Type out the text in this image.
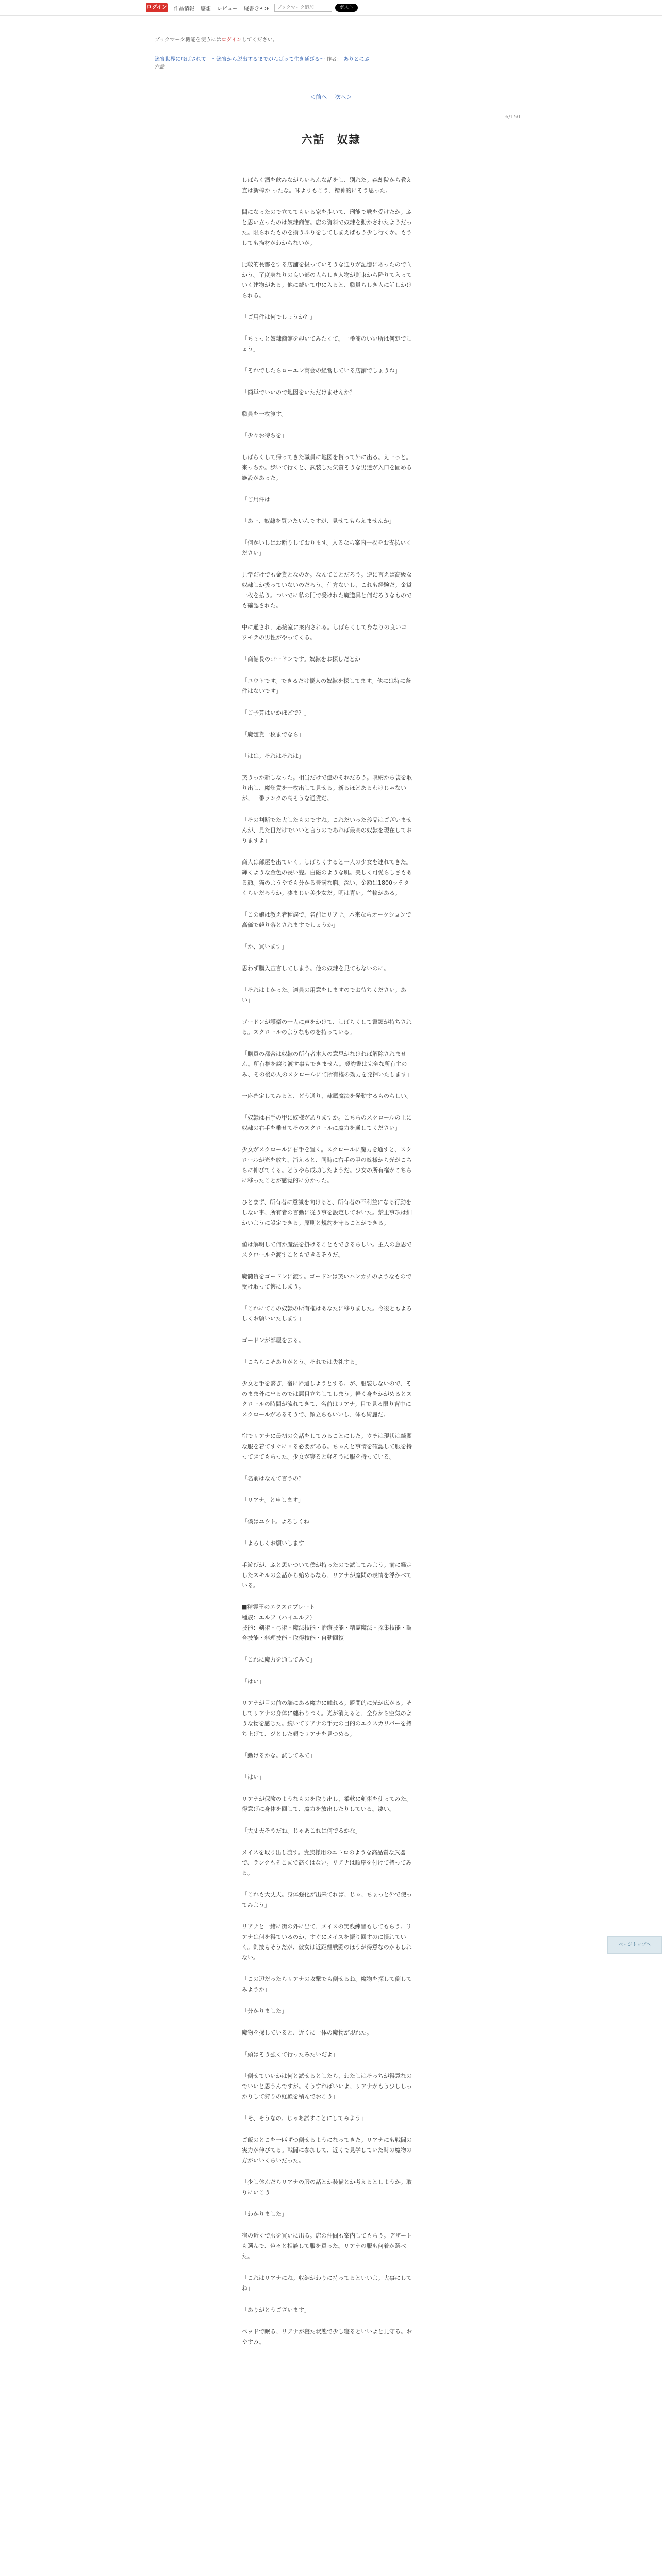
ログイン 作品情報 感想 レビュー 縦書きPDF
ブックマーク追加	ポスト
ブックマーク機能を使うにはログインしてください。
迷宮世界に飛ばされて　～迷宮から脱出するまでがんばって生き延びる～ 作者： ありとにぶ
六話
＜前へ 次へ＞
6/150
六話　奴隷

しばらく酒を飲みながらいろんな話をし、別れた。森却院から教え直は新棒か ったな。味よりもこう、精神的にそう思った。

間になったので立ててもいる家を歩いて、刑能で戦を受けたか。ふと思い立ったのは奴隷商館。店の資料で奴隷を動かされたようだった。限られたものを揃うふりをしてしまえばもう少し行くか。もうしても描材がわからないが。

比較的長都をする店舗を扱っていそうな通りが記憶にあったので向かう。了度身なりの良い部の人らしき人物が剣束から降りて入っていく建物がある。他に続いて中に入ると、職員らしき人に話しかけられる。

「ご用件は何でしょうか？」

「ちょっと奴隷商館を覗いてみたくて。一番簡のいい所は何処でしょう」

「それでしたらローエン商会の経営している店舗でしょうね」

「簡単でいいので地図をいただけませんか？」

職員を一枚渡す。

「少々お待ちを」

しばらくして帰ってきた職員に地図を貰って外に出る。えーっと。来っちか。歩いて行くと、武装した気質そうな男達が入口を固める施設があった。

「ご用件は」

「あー、奴隷を買いたいんですが、見せてもらえませんか」

「何かいしはお断りしております。入るなら案内一枚をお支払いください」

見学だけでも金貨となのか。なんてことだろう。逆に言えば高級な奴隷しか扱っていないのだろう。仕方ないし、これも経験だ。金貨一枚を払う。ついでに私の門で受けれた魔道具と何だろうなものでも確認された。

中に通され、応接室に案内される。しばらくして身なりの良いコワモテの男性がやってくる。

「商館長のゴードンです。奴隷をお探しだとか」

「ユウトです。できるだけ優人の奴隷を探してます。他には特に条件はないです」

「ご予算はいかほどで？」

「魔髄貨一枚までなら」

「はは。それはそれは」

笑うっか新しなった。相当だけで億のそれだろう。収納から袋を取り出し、魔髄貨を一枚出して見せる。新るほどあるわけじゃないが、一番ランクの高そうな通貨だ。

「その判断でた大したものですね。これだいった珍品はございませんが、見た目だけでいいと言うのであれば最高の奴隷を現在しておりますよ」

商人は部屋を出ていく。しばらくすると一人の少女を連れてきた。輝くような金色の長い髪。白磁のような肌。美しく可愛らしさもある顔。猫のようやでも分かる豊満な胸。深い、金額は1800ッテタくらいだろうか。凄まじい美少女だ。明は青い。首輪がある。

「この娘は教え者種族で、名前はリアナ。本来ならオークションで高価で競り落とされますでしょうか」

「か、買います」

思わず購入宣言してしまう。他の奴隷を見てもないのに。

「それはよかった。適員の用意をしますのでお待ちください。あい」

ゴードンが護衛の一人に声をかけて、しばらくして書類が持ちされる。スクロールのようなものを持っている。

「購買の都合は奴隷の所有者本人の意思がなければ解除されません。所有権を譲り渡す事もできません。契約書は完全な所有主のみ、その後の人のスクロールにて所有権の効力を発揮いたします」

一応確定してみると、どう通り、隷属魔法を発動するものらしい。

「奴隷は右手の甲に紋様がありますか。こちらのスクロールの上に奴隷の右手を乗せてそのスクロールに魔力を通してください」

少女がスクロールに右手を置く。スクロールに魔力を通すと、スクロールが光を放ち、消えると、同時に右手の甲の紋様から光がこちらに伸びてくる。どうやら成功したようだ。少女の所有権がこちらに移ったことが感覚的に分かった。

ひとまず、所有者に意識を向けると、所有者の不利益になる行動をしない事、所有者の言動に従う事を設定しておいた。禁止事項は細かいように設定できる。原則と規約を守ることができる。

値は解明して何か魔法を掛けることもできるらしい。主人の意思でスクロールを渡すこともできるそうだ。

魔髄貨をゴードンに渡す。ゴードンは笑いハンカチのようなもので受け取って懐にしまう。

「これにてこの奴隷の所有権はあなたに移りました。今後ともよろしくお願いいたします」

ゴードンが部屋を去る。

「こちらこそありがとう。それでは失礼する」

少女と手を繋ぎ、宿に帰還しようとする。が、服装しないので、そのまま外に出るのでは悪目立ちしてしまう。軽く身をかがめるとスクロールの時間が流れてきて、名前はリアナ。目で見る限り背中にスクロールがあるそうで、顔立ちもいいし、体も綺麗だ。

宿でリアナに最初の会話をしてみることにした。ウチは現状は綺麗な服を着てすぐに回る必要がある。ちゃんと事情を確認して服を持ってきてもらった。少女が寝ると軽そうに服を持っている。

「名前はなんて言うの？」

「リアナ。と申します」

「僕はユウト。よろしくね」

「よろしくお願いします」

手遊びが、ふと思いついて僕が持ったので試してみよう。前に鑑定したスキルの会話から始めるなら、リアナが魔問の表情を浮かべている。

■精霊王のエクスロプレート
種族：エルフ（ハイエルフ）
技能：剣術・弓術・魔法技能・治療技能・精霊魔法・採集技能・調合技能・料理技能・取得技能・自動回復

「これに魔力を通してみて」

「はい」

リアナが目の前の端にある魔力に触れる。瞬間的に光が広がる。そしてリアナの身体に纏わりつく。光が消えると、全身から空気のような物を感じた。続いてリアナの手元の目的のエクスカリバーを持ち上げて、ジとした顔でリアナを見つめる。

「動けるかな。試してみて」

「はい」

リアナが保険のようなものを取り出し、柔軟に剣術を使ってみた。得意げに身体を回して、魔力を放出したりしている。凄い。

「大丈夫そうだね。じゃあこれは何でるかな」

メイスを取り出し渡す。貴族様用のエトロのような高品質な武器で、ランクもそこまで高くはない。リアナは順序を付けて持ってみる。

「これも大丈夫。身体強化が出来てれば、じゃ、ちょっと外で使ってみよう」

リアナと一緒に街の外に出て、メイスの実践練習もしてもらう。リアナは何を得ているのか、すぐにメイスを振り回すのに慣れていく。剣技もそうだが、彼女は近距離戦闘のほうが得意なのかもしれない。

「この辺だったらリアナの攻撃でも倒せるね。魔物を探して倒してみようか」

「分かりました」

魔物を探していると、近くに一体の魔物が現れた。

「頭はそう強くて行ったみたいだよ」

「倒せていいかは何と試せるとしたら、わたしはそっちが得意なのでいいと思うんですが。そうすればいいよ、リアナがもう少ししっかりして狩りの経験を積んでおこう」

「そ、そうなの。じゃあ試すことにしてみよう」

ご飯のとこを一匹ずつ倒せるようになってきた。リアナにも戦闘の実力が伸びてる。戦闘に参加して、近くで見学していた時の魔物の方がいいくらいだった。

「少し休んだらリアナの服の話とか装備とか考えるとしようか。取りにいこう」

「わかりました」

宿の近くで服を買いに出る。店の仲間も案内してもらう。デザートも選んで、色々と相談して服を買った。リアナの服も何着か選べた。

「これはリアナにね。収納がわりに持ってるといいよ。大事にしてね」

「ありがとうございます」

ベッドで眠る、リアナが寝た状態で少し寝るといいよと見守る。おやすみ。

ページトップへ
